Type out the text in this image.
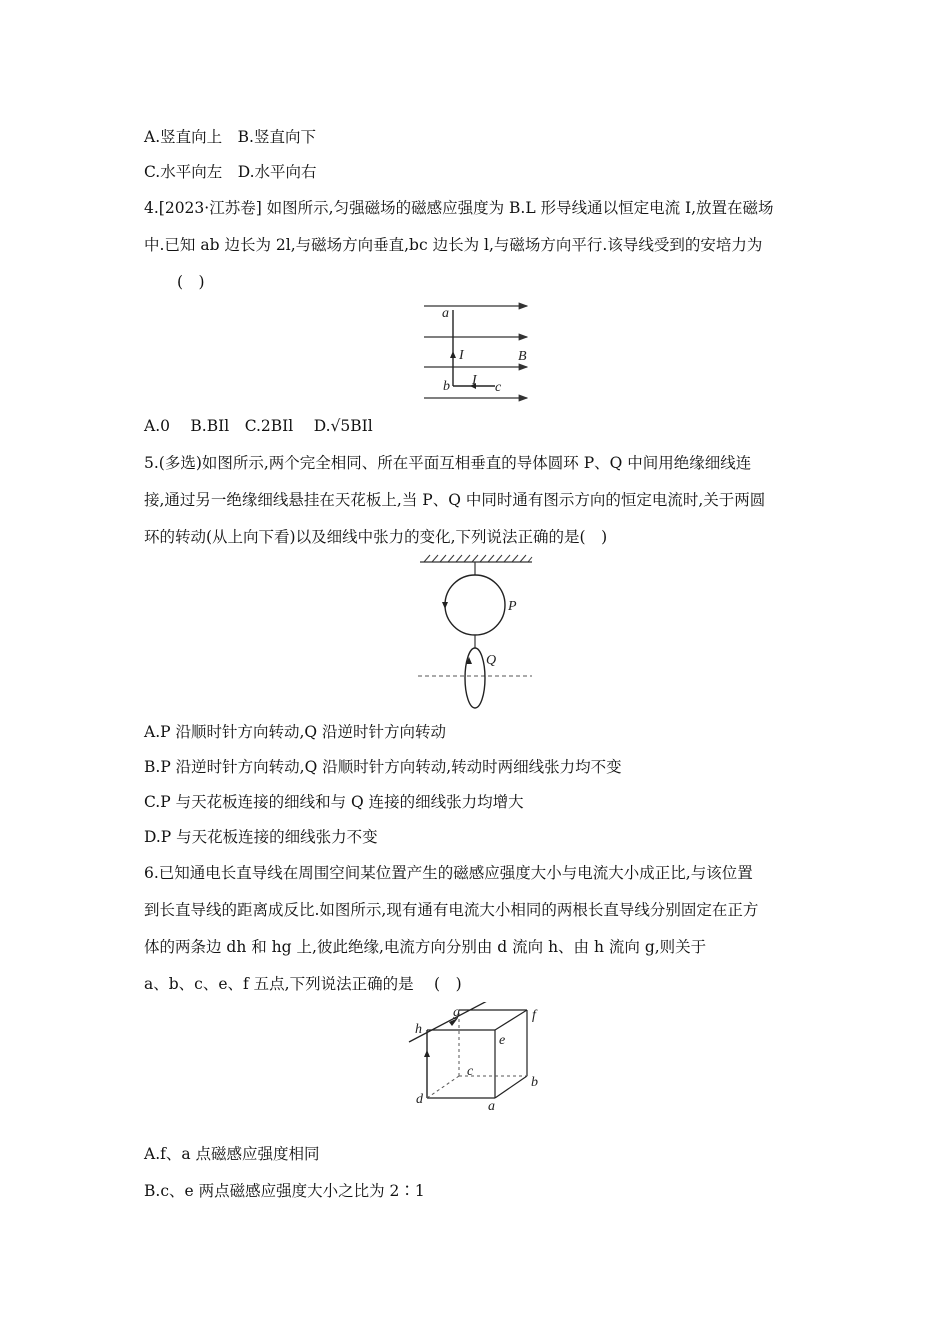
A.竖直向上　B.竖直向下
C.水平向左　D.水平向右
4.[2023·江苏卷] 如图所示,匀强磁场的磁感应强度为 B.L 形导线通以恒定电流 I,放置在磁场
中.已知 ab 边长为 2l,与磁场方向垂直,bc 边长为 l,与磁场方向平行.该导线受到的安培力为
(　)
a
I	B
b I c
A.0　 B.BIl　C.2BIl　 D.√5BIl
5.(多选)如图所示,两个完全相同、所在平面互相垂直的导体圆环 P、Q 中间用绝缘细线连
接,通过另一绝缘细线悬挂在天花板上,当 P、Q 中同时通有图示方向的恒定电流时,关于两圆
环的转动(从上向下看)以及细线中张力的变化,下列说法正确的是(　)
P
Q
A.P 沿顺时针方向转动,Q 沿逆时针方向转动
B.P 沿逆时针方向转动,Q 沿顺时针方向转动,转动时两细线张力均不变
C.P 与天花板连接的细线和与 Q 连接的细线张力均增大
D.P 与天花板连接的细线张力不变
6.已知通电长直导线在周围空间某位置产生的磁感应强度大小与电流大小成正比,与该位置
到长直导线的距离成反比.如图所示,现有通有电流大小相同的两根长直导线分别固定在正方
体的两条边 dh 和 hg 上,彼此绝缘,电流方向分别由 d 流向 h、由 h 流向 g,则关于
a、b、c、e、f 五点,下列说法正确的是　 (　)
h
g	f
e
c
b
d	a
A.f、a 点磁感应强度相同
B.c、e 两点磁感应强度大小之比为 2∶1
